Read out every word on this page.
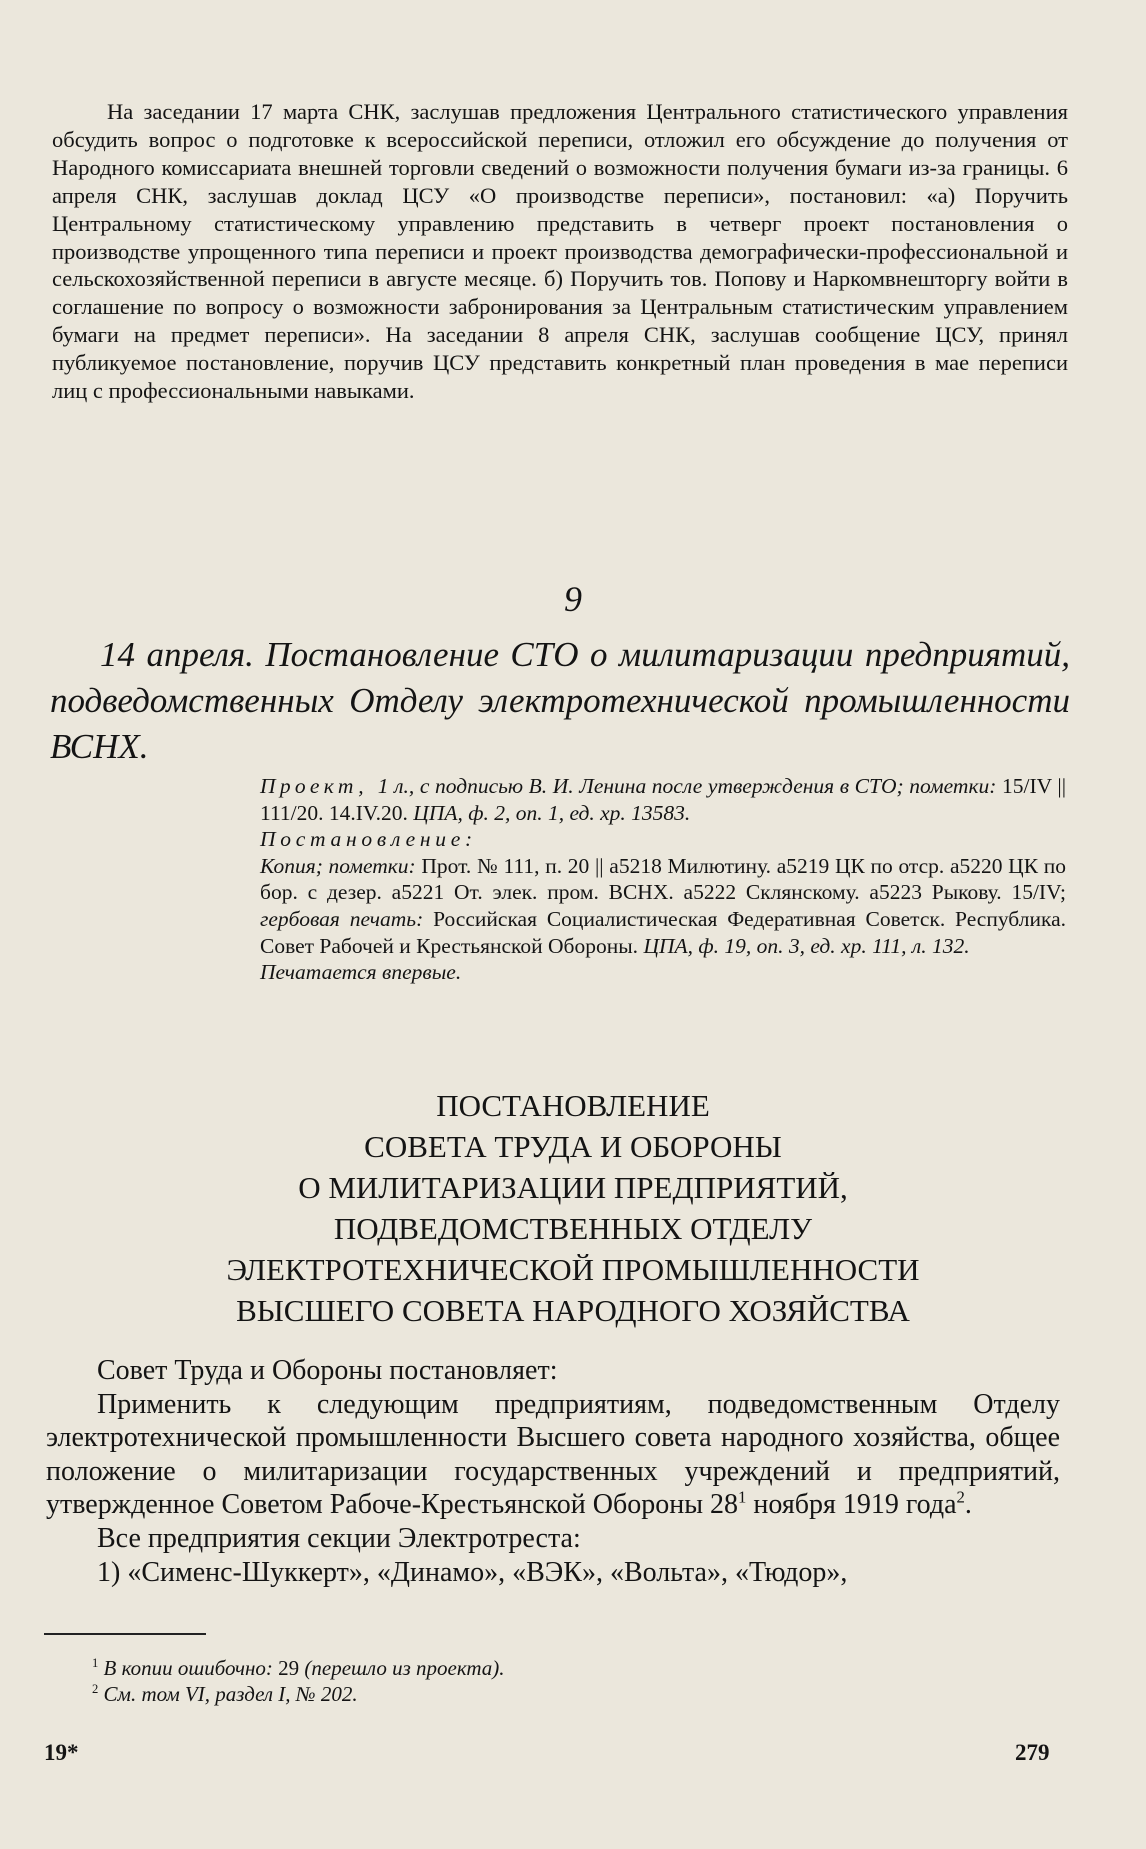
На заседании 17 марта СНК, заслушав предложения Центрального статистического управления обсудить вопрос о подготовке к всероссийской переписи, отложил его обсуждение до получения от Народного комиссариата внешней торговли сведений о возможности получения бумаги из-за границы. 6 апреля СНК, заслушав доклад ЦСУ «О производстве переписи», постановил: «а) Поручить Центральному статистическому управлению представить в четверг проект постановления о производстве упрощенного типа переписи и проект производства демографически-профессиональной и сельскохозяйственной переписи в августе месяце. б) Поручить тов. Попову и Наркомвнешторгу войти в соглашение по вопросу о возможности забронирования за Центральным статистическим управлением бумаги на предмет переписи». На заседании 8 апреля СНК, заслушав сообщение ЦСУ, принял публикуемое постановление, поручив ЦСУ представить конкретный план проведения в мае переписи лиц с профессиональными навыками.

9

14 апреля. Постановление СТО о милитаризации предприятий, подведомственных Отделу электротехнической промышленности ВСНХ.

Проект, 1 л., с подписью В. И. Ленина после утверждения в СТО; пометки: 15/IV || 111/20. 14.IV.20. ЦПА, ф. 2, оп. 1, ед. хр. 13583.

Постановление:

Копия; пометки: Прот. № 111, п. 20 || а5218 Милютину. а5219 ЦК по отср. а5220 ЦК по бор. с дезер. а5221 От. элек. пром. ВСНХ. а5222 Склянскому. а5223 Рыкову. 15/IV; гербовая печать: Российская Социалистическая Федеративная Советск. Республика. Совет Рабочей и Крестьянской Обороны. ЦПА, ф. 19, оп. 3, ед. хр. 111, л. 132.

Печатается впервые.

ПОСТАНОВЛЕНИЕ
СОВЕТА ТРУДА И ОБОРОНЫ
О МИЛИТАРИЗАЦИИ ПРЕДПРИЯТИЙ,
ПОДВЕДОМСТВЕННЫХ ОТДЕЛУ
ЭЛЕКТРОТЕХНИЧЕСКОЙ ПРОМЫШЛЕННОСТИ
ВЫСШЕГО СОВЕТА НАРОДНОГО ХОЗЯЙСТВА

Совет Труда и Обороны постановляет:

Применить к следующим предприятиям, подведомственным Отделу электротехнической промышленности Высшего совета народного хозяйства, общее положение о милитаризации государственных учреждений и предприятий, утвержденное Советом Рабоче-Крестьянской Обороны $28^1$ ноября 1919 года$^2$.

Все предприятия секции Электротреста:

1) «Сименс-Шуккерт», «Динамо», «ВЭК», «Вольта», «Тюдор»,

$^1$ В копии ошибочно: 29 (перешло из проекта).

$^2$ См. том VI, раздел I, № 202.

19*	279
